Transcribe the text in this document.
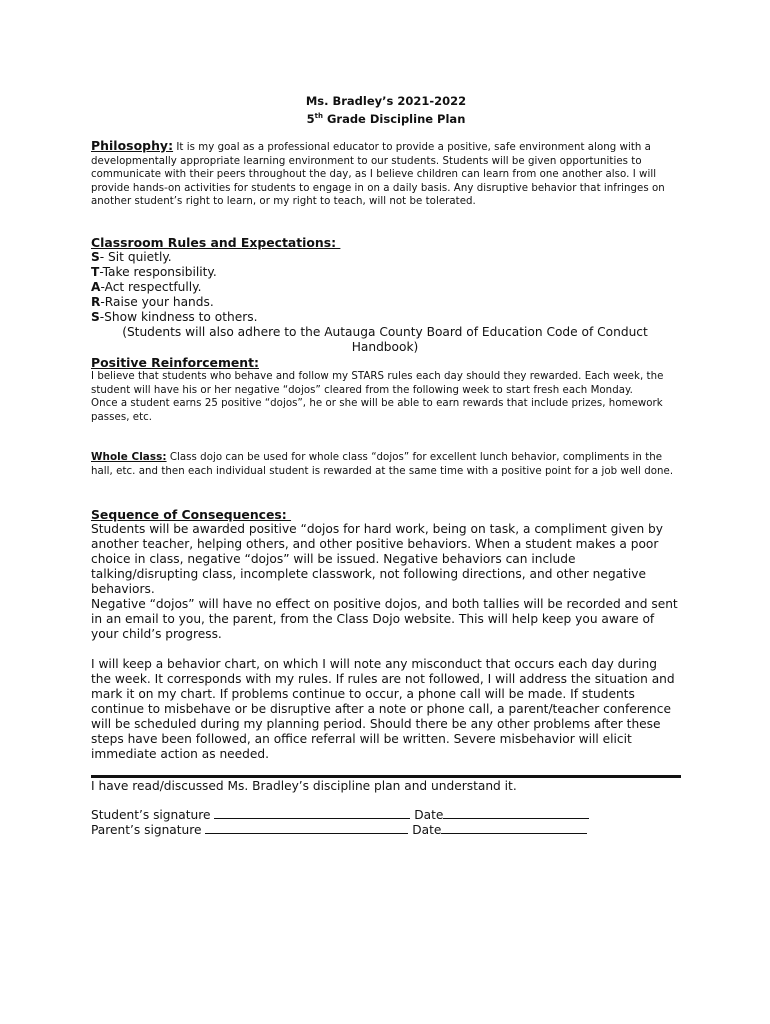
Ms. Bradley’s 2021-2022
5th Grade Discipline Plan
Philosophy: It is my goal as a professional educator to provide a positive, safe environment along with a developmentally appropriate learning environment to our students. Students will be given opportunities to communicate with their peers throughout the day, as I believe children can learn from one another also. I will provide hands-on activities for students to engage in on a daily basis. Any disruptive behavior that infringes on another student’s right to learn, or my right to teach, will not be tolerated.
Classroom Rules and Expectations:
S- Sit quietly.
T-Take responsibility.
A-Act respectfully.
R-Raise your hands.
S-Show kindness to others.
(Students will also adhere to the Autauga County Board of Education Code of Conduct Handbook)
Positive Reinforcement:
I believe that students who behave and follow my STARS rules each day should they rewarded. Each week, the student will have his or her negative “dojos” cleared from the following week to start fresh each Monday.
Once a student earns 25 positive “dojos”, he or she will be able to earn rewards that include prizes, homework passes, etc.
Whole Class: Class dojo can be used for whole class “dojos” for excellent lunch behavior, compliments in the hall, etc. and then each individual student is rewarded at the same time with a positive point for a job well done.
Sequence of Consequences:
Students will be awarded positive “dojos for hard work, being on task, a compliment given by another teacher, helping others, and other positive behaviors. When a student makes a poor choice in class, negative “dojos” will be issued. Negative behaviors can include talking/disrupting class, incomplete classwork, not following directions, and other negative behaviors.
Negative “dojos” will have no effect on positive dojos, and both tallies will be recorded and sent in an email to you, the parent, from the Class Dojo website. This will help keep you aware of your child’s progress.
I will keep a behavior chart, on which I will note any misconduct that occurs each day during the week. It corresponds with my rules. If rules are not followed, I will address the situation and mark it on my chart. If problems continue to occur, a phone call will be made. If students continue to misbehave or be disruptive after a note or phone call, a parent/teacher conference will be scheduled during my planning period. Should there be any other problems after these steps have been followed, an office referral will be written. Severe misbehavior will elicit immediate action as needed.
I have read/discussed Ms. Bradley’s discipline plan and understand it.
Student’s signature	Date
Parent’s signature	Date
